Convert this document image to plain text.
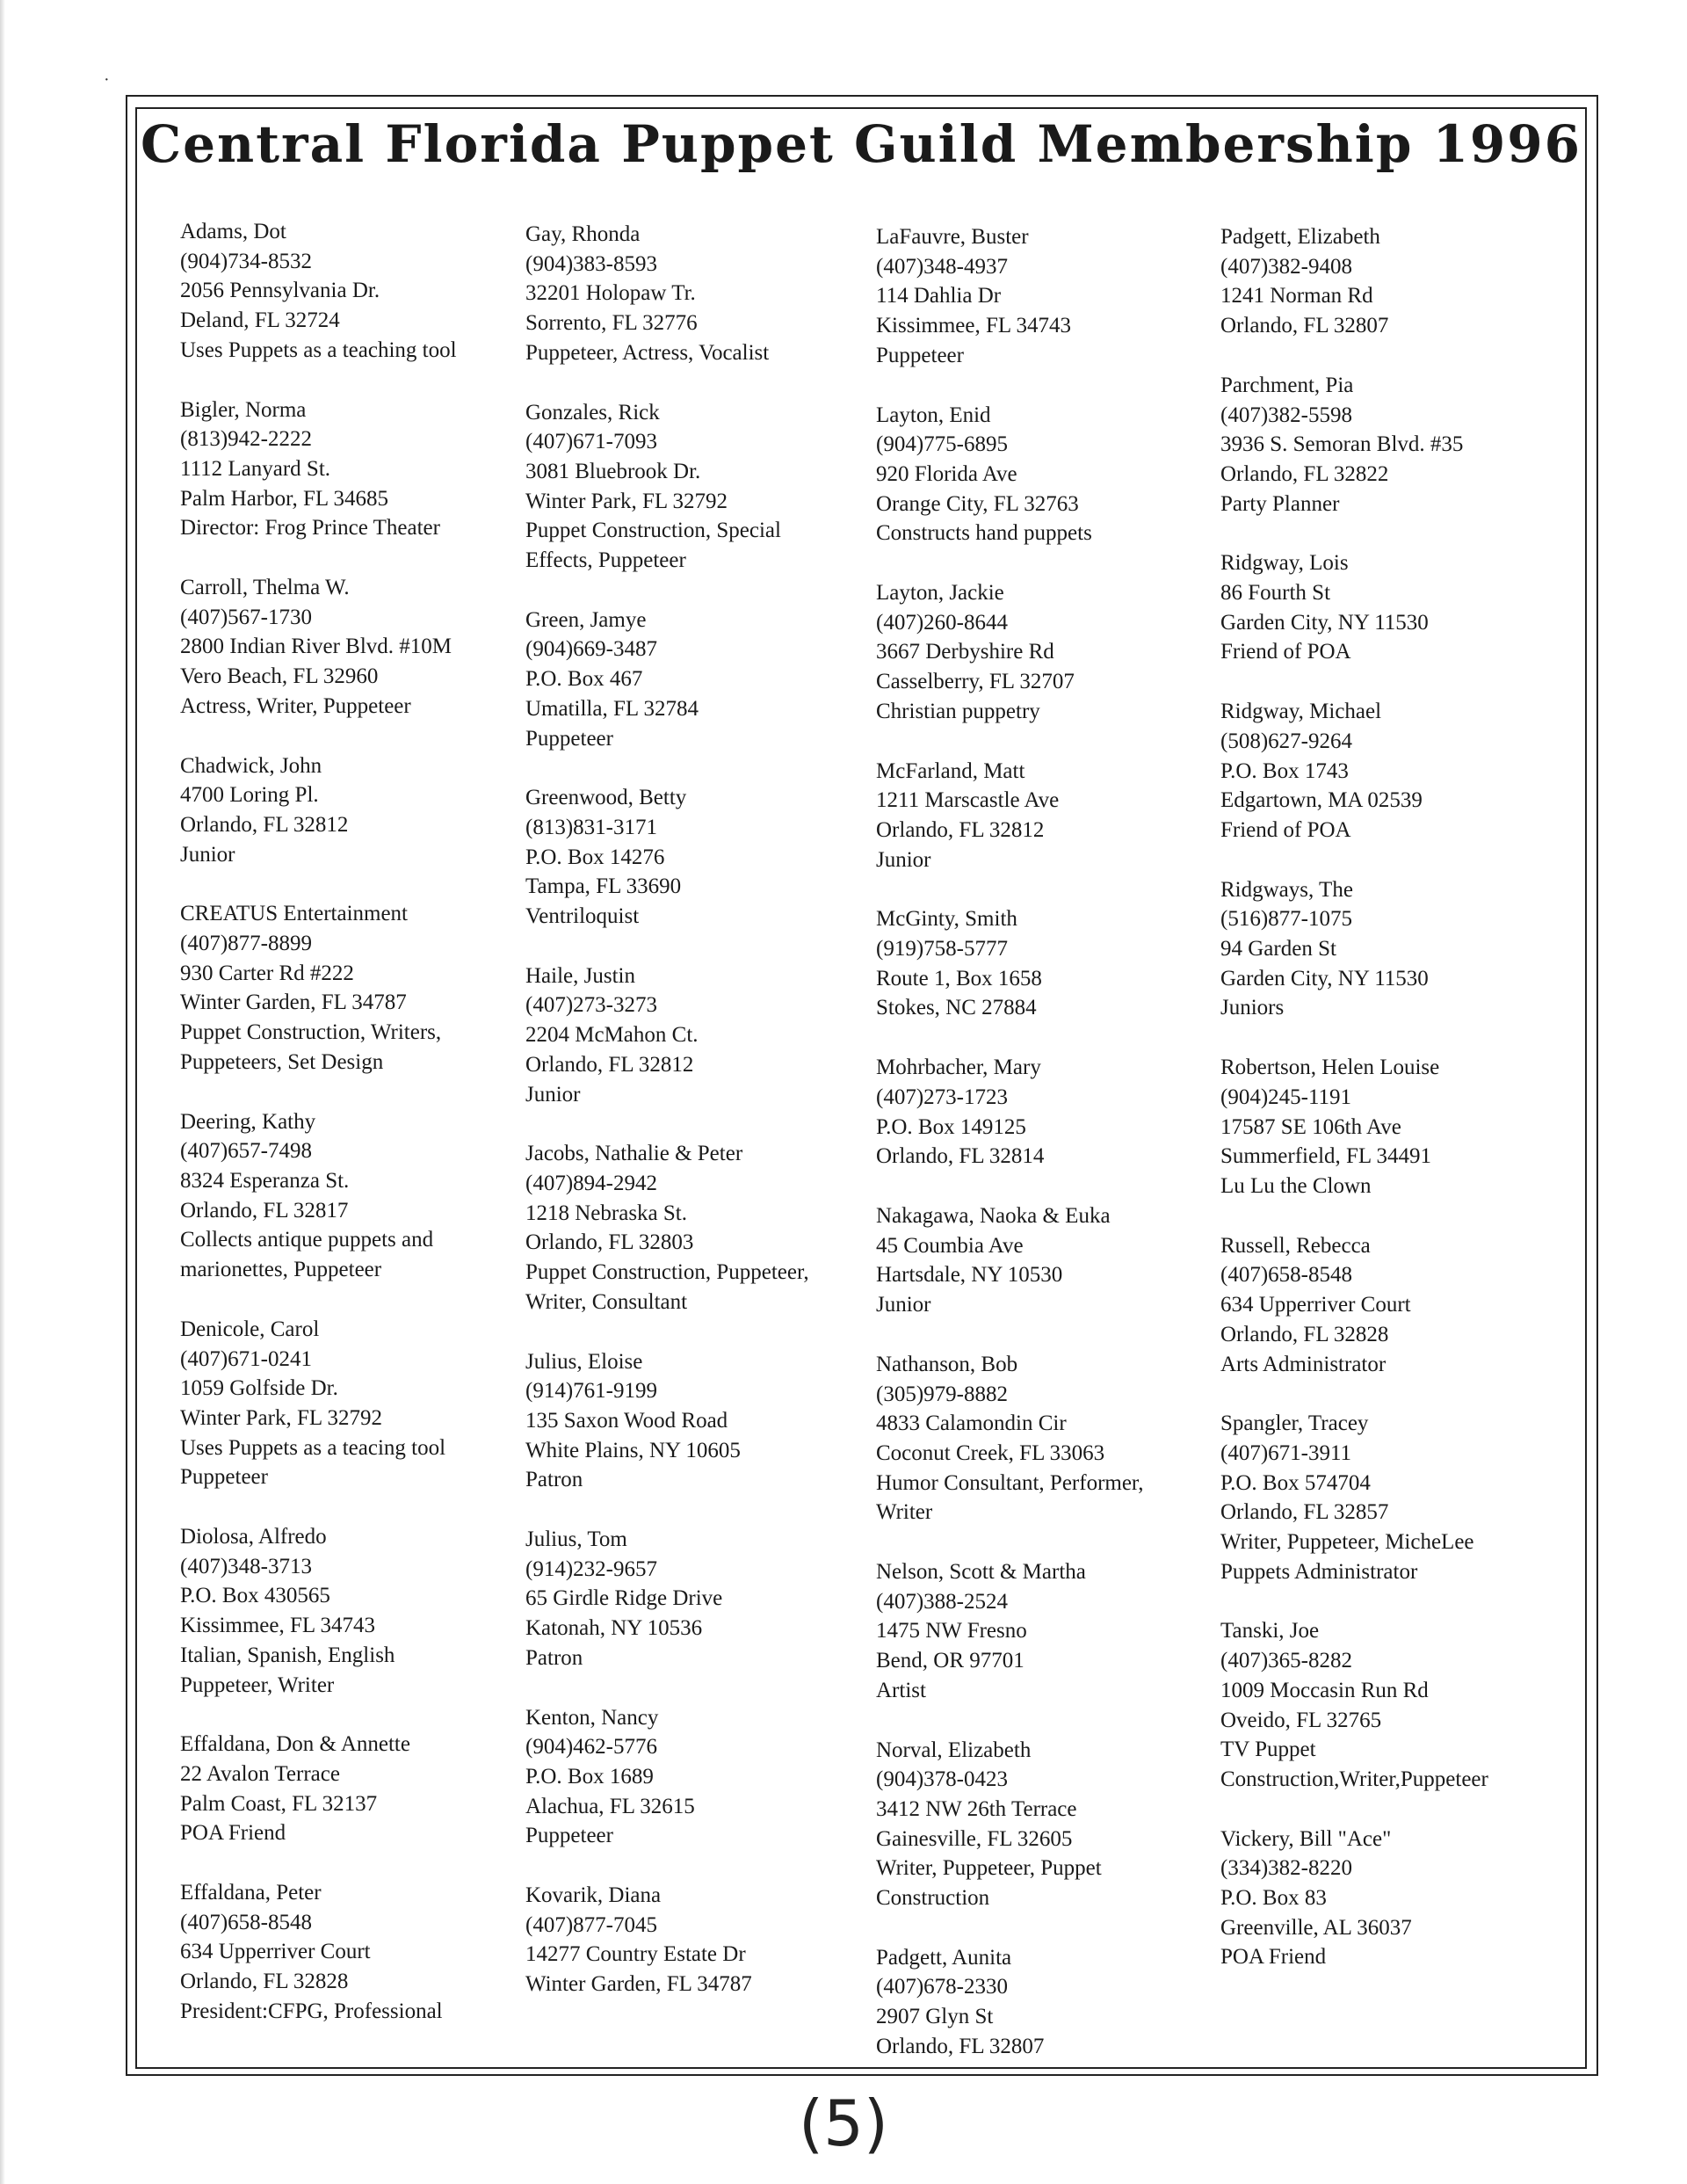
·
Central Florida Puppet Guild Membership 1996
Adams, Dot
(904)734-8532
2056 Pennsylvania Dr.
Deland, FL 32724
Uses Puppets as a teaching tool
Bigler, Norma
(813)942-2222
1112 Lanyard St.
Palm Harbor, FL 34685
Director: Frog Prince Theater
Carroll, Thelma W.
(407)567-1730
2800 Indian River Blvd. #10M
Vero Beach, FL 32960
Actress, Writer, Puppeteer
Chadwick, John
4700 Loring Pl.
Orlando, FL 32812
Junior
CREATUS Entertainment
(407)877-8899
930 Carter Rd #222
Winter Garden, FL 34787
Puppet Construction, Writers,
Puppeteers, Set Design
Deering, Kathy
(407)657-7498
8324 Esperanza St.
Orlando, FL 32817
Collects antique puppets and
marionettes, Puppeteer
Denicole, Carol
(407)671-0241
1059 Golfside Dr.
Winter Park, FL 32792
Uses Puppets as a teacing tool
Puppeteer
Diolosa, Alfredo
(407)348-3713
P.O. Box 430565
Kissimmee, FL 34743
Italian, Spanish, English
Puppeteer, Writer
Effaldana, Don & Annette
22 Avalon Terrace
Palm Coast, FL 32137
POA Friend
Effaldana, Peter
(407)658-8548
634 Upperriver Court
Orlando, FL 32828
President:CFPG, Professional
Gay, Rhonda
(904)383-8593
32201 Holopaw Tr.
Sorrento, FL 32776
Puppeteer, Actress, Vocalist
Gonzales, Rick
(407)671-7093
3081 Bluebrook Dr.
Winter Park, FL 32792
Puppet Construction, Special
Effects, Puppeteer
Green, Jamye
(904)669-3487
P.O. Box 467
Umatilla, FL 32784
Puppeteer
Greenwood, Betty
(813)831-3171
P.O. Box 14276
Tampa, FL 33690
Ventriloquist
Haile, Justin
(407)273-3273
2204 McMahon Ct.
Orlando, FL 32812
Junior
Jacobs, Nathalie & Peter
(407)894-2942
1218 Nebraska St.
Orlando, FL 32803
Puppet Construction, Puppeteer,
Writer, Consultant
Julius, Eloise
(914)761-9199
135 Saxon Wood Road
White Plains, NY 10605
Patron
Julius, Tom
(914)232-9657
65 Girdle Ridge Drive
Katonah, NY 10536
Patron
Kenton, Nancy
(904)462-5776
P.O. Box 1689
Alachua, FL 32615
Puppeteer
Kovarik, Diana
(407)877-7045
14277 Country Estate Dr
Winter Garden, FL 34787
LaFauvre, Buster
(407)348-4937
114 Dahlia Dr
Kissimmee, FL 34743
Puppeteer
Layton, Enid
(904)775-6895
920 Florida Ave
Orange City, FL 32763
Constructs hand puppets
Layton, Jackie
(407)260-8644
3667 Derbyshire Rd
Casselberry, FL 32707
Christian puppetry
McFarland, Matt
1211 Marscastle Ave
Orlando, FL 32812
Junior
McGinty, Smith
(919)758-5777
Route 1, Box 1658
Stokes, NC 27884
Mohrbacher, Mary
(407)273-1723
P.O. Box 149125
Orlando, FL 32814
Nakagawa, Naoka & Euka
45 Coumbia Ave
Hartsdale, NY 10530
Junior
Nathanson, Bob
(305)979-8882
4833 Calamondin Cir
Coconut Creek, FL 33063
Humor Consultant, Performer,
Writer
Nelson, Scott & Martha
(407)388-2524
1475 NW Fresno
Bend, OR 97701
Artist
Norval, Elizabeth
(904)378-0423
3412 NW 26th Terrace
Gainesville, FL 32605
Writer, Puppeteer, Puppet
Construction
Padgett, Aunita
(407)678-2330
2907 Glyn St
Orlando, FL 32807
Padgett, Elizabeth
(407)382-9408
1241 Norman Rd
Orlando, FL 32807
Parchment, Pia
(407)382-5598
3936 S. Semoran Blvd. #35
Orlando, FL 32822
Party Planner
Ridgway, Lois
86 Fourth St
Garden City, NY 11530
Friend of POA
Ridgway, Michael
(508)627-9264
P.O. Box 1743
Edgartown, MA 02539
Friend of POA
Ridgways, The
(516)877-1075
94 Garden St
Garden City, NY 11530
Juniors
Robertson, Helen Louise
(904)245-1191
17587 SE 106th Ave
Summerfield, FL 34491
Lu Lu the Clown
Russell, Rebecca
(407)658-8548
634 Upperriver Court
Orlando, FL 32828
Arts Administrator
Spangler, Tracey
(407)671-3911
P.O. Box 574704
Orlando, FL 32857
Writer, Puppeteer, MicheLee
Puppets Administrator
Tanski, Joe
(407)365-8282
1009 Moccasin Run Rd
Oveido, FL 32765
TV Puppet
Construction,Writer,Puppeteer
Vickery, Bill "Ace"
(334)382-8220
P.O. Box 83
Greenville, AL 36037
POA Friend
(5)
